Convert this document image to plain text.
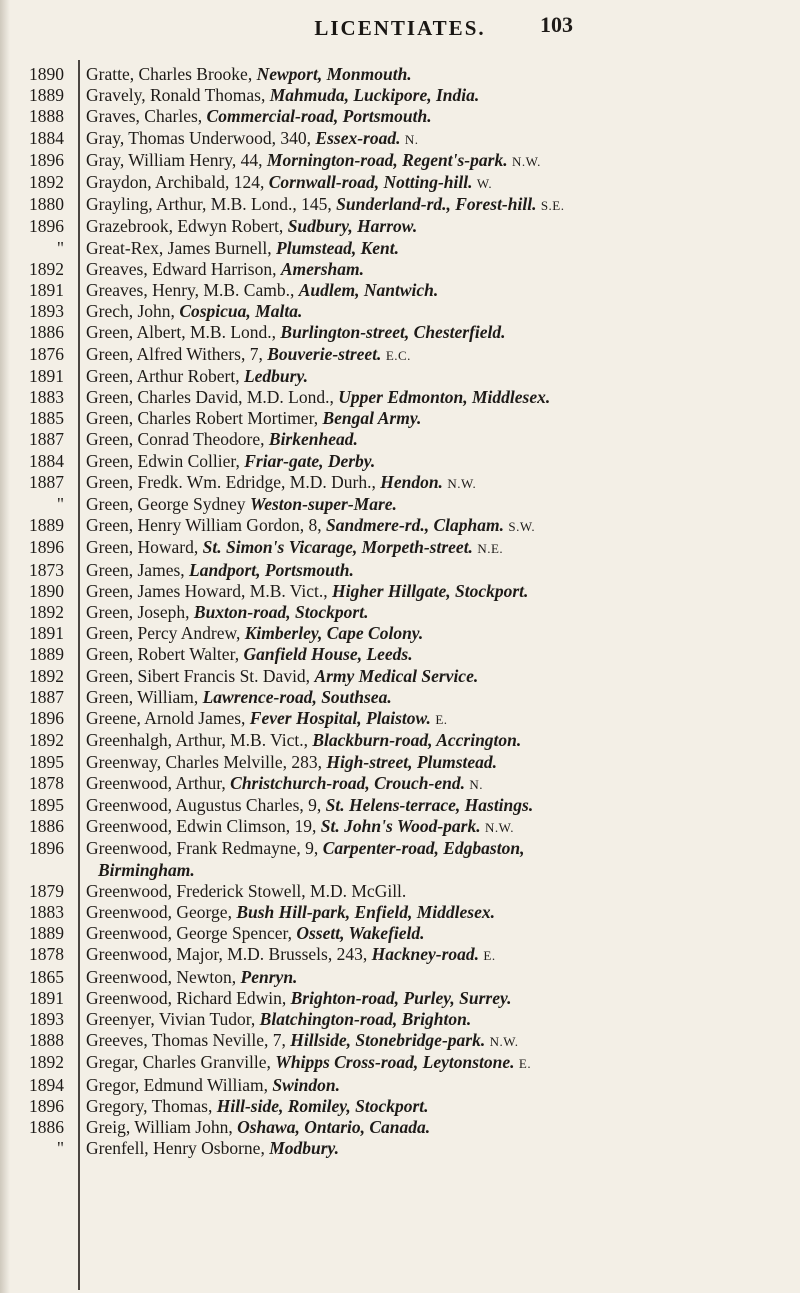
LICENTIATES.	103
1890	Gratte, Charles Brooke, Newport, Monmouth.
1889	Gravely, Ronald Thomas, Mahmuda, Luckipore, India.
1888	Graves, Charles, Commercial-road, Portsmouth.
1884	Gray, Thomas Underwood, 340, Essex-road. N.
1896	Gray, William Henry, 44, Mornington-road, Regent's-park. N.W.
1892	Graydon, Archibald, 124, Cornwall-road, Notting-hill. W.
1880	Grayling, Arthur, M.B. Lond., 145, Sunderland-rd., Forest-hill. S.E.
1896	Grazebrook, Edwyn Robert, Sudbury, Harrow.
"	Great-Rex, James Burnell, Plumstead, Kent.
1892	Greaves, Edward Harrison, Amersham.
1891	Greaves, Henry, M.B. Camb., Audlem, Nantwich.
1893	Grech, John, Cospicua, Malta.
1886	Green, Albert, M.B. Lond., Burlington-street, Chesterfield.
1876	Green, Alfred Withers, 7, Bouverie-street. E.C.
1891	Green, Arthur Robert, Ledbury.
1883	Green, Charles David, M.D. Lond., Upper Edmonton, Middlesex.
1885	Green, Charles Robert Mortimer, Bengal Army.
1887	Green, Conrad Theodore, Birkenhead.
1884	Green, Edwin Collier, Friar-gate, Derby.
1887	Green, Fredk. Wm. Edridge, M.D. Durh., Hendon. N.W.
"	Green, George Sydney Weston-super-Mare.
1889	Green, Henry William Gordon, 8, Sandmere-rd., Clapham. S.W.
1896	Green, Howard, St. Simon's Vicarage, Morpeth-street. N.E.
1873	Green, James, Landport, Portsmouth.
1890	Green, James Howard, M.B. Vict., Higher Hillgate, Stockport.
1892	Green, Joseph, Buxton-road, Stockport.
1891	Green, Percy Andrew, Kimberley, Cape Colony.
1889	Green, Robert Walter, Ganfield House, Leeds.
1892	Green, Sibert Francis St. David, Army Medical Service.
1887	Green, William, Lawrence-road, Southsea.
1896	Greene, Arnold James, Fever Hospital, Plaistow. E.
1892	Greenhalgh, Arthur, M.B. Vict., Blackburn-road, Accrington.
1895	Greenway, Charles Melville, 283, High-street, Plumstead.
1878	Greenwood, Arthur, Christchurch-road, Crouch-end. N.
1895	Greenwood, Augustus Charles, 9, St. Helens-terrace, Hastings.
1886	Greenwood, Edwin Climson, 19, St. John's Wood-park. N.W.
1896	Greenwood, Frank Redmayne, 9, Carpenter-road, Edgbaston,
Birmingham.
1879	Greenwood, Frederick Stowell, M.D. McGill.
1883	Greenwood, George, Bush Hill-park, Enfield, Middlesex.
1889	Greenwood, George Spencer, Ossett, Wakefield.
1878	Greenwood, Major, M.D. Brussels, 243, Hackney-road. E.
1865	Greenwood, Newton, Penryn.
1891	Greenwood, Richard Edwin, Brighton-road, Purley, Surrey.
1893	Greenyer, Vivian Tudor, Blatchington-road, Brighton.
1888	Greeves, Thomas Neville, 7, Hillside, Stonebridge-park. N.W.
1892	Gregar, Charles Granville, Whipps Cross-road, Leytonstone. E.
1894	Gregor, Edmund William, Swindon.
1896	Gregory, Thomas, Hill-side, Romiley, Stockport.
1886	Greig, William John, Oshawa, Ontario, Canada.
"	Grenfell, Henry Osborne, Modbury.
